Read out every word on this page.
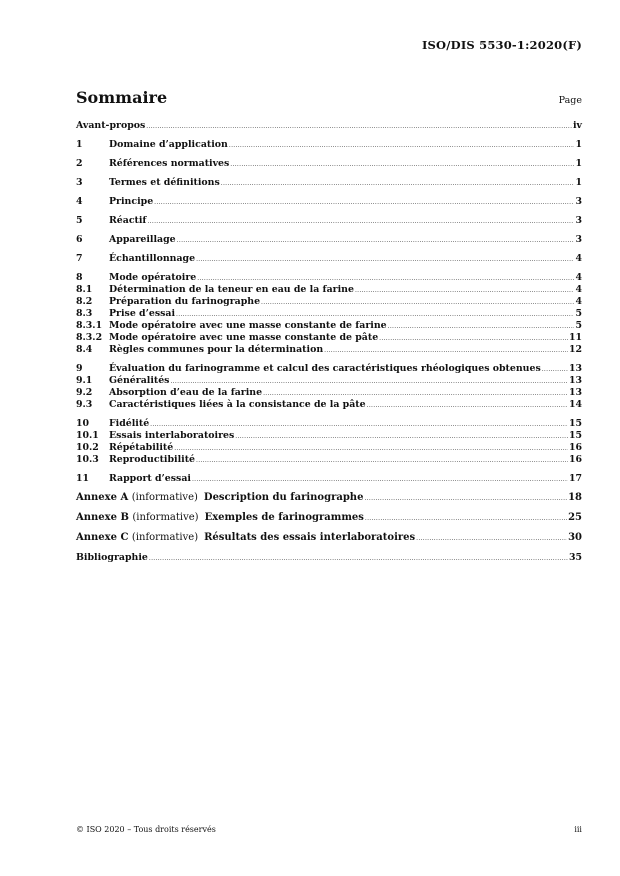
ISO/DIS 5530-1:2020(F)
Sommaire	Page
Avant-propos .....	iv
1	Domaine d’application .....	1
2	Références normatives .....	1
3	Termes et définitions .....	1
4	Principe .....	3
5	Réactif .....	3
6	Appareillage .....	3
7	Échantillonnage .....	4
8	Mode opératoire .....	4
8.1	Détermination de la teneur en eau de la farine .....	4
8.2	Préparation du farinographe .....	4
8.3	Prise d’essai .....	5
8.3.1 Mode opératoire avec une masse constante de farine .....	5
8.3.2 Mode opératoire avec une masse constante de pâte .....	11
8.4	Règles communes pour la détermination .....	12
9	Évaluation du farinogramme et calcul des caractéristiques rhéologiques obtenues .....	13
9.1	Généralités .....	13
9.2	Absorption d’eau de la farine .....	13
9.3	Caractéristiques liées à la consistance de la pâte .....	14
10	Fidélité .....	15
10.1	Essais interlaboratoires .....	15
10.2	Répétabilité .....	16
10.3	Reproductibilité .....	16
11	Rapport d’essai .....	17
Annexe A (informative) Description du farinographe .....	18
Annexe B (informative) Exemples de farinogrammes .....	25
Annexe C (informative) Résultats des essais interlaboratoires .....	30
Bibliographie .....	35
© ISO 2020 – Tous droits réservés	iii
